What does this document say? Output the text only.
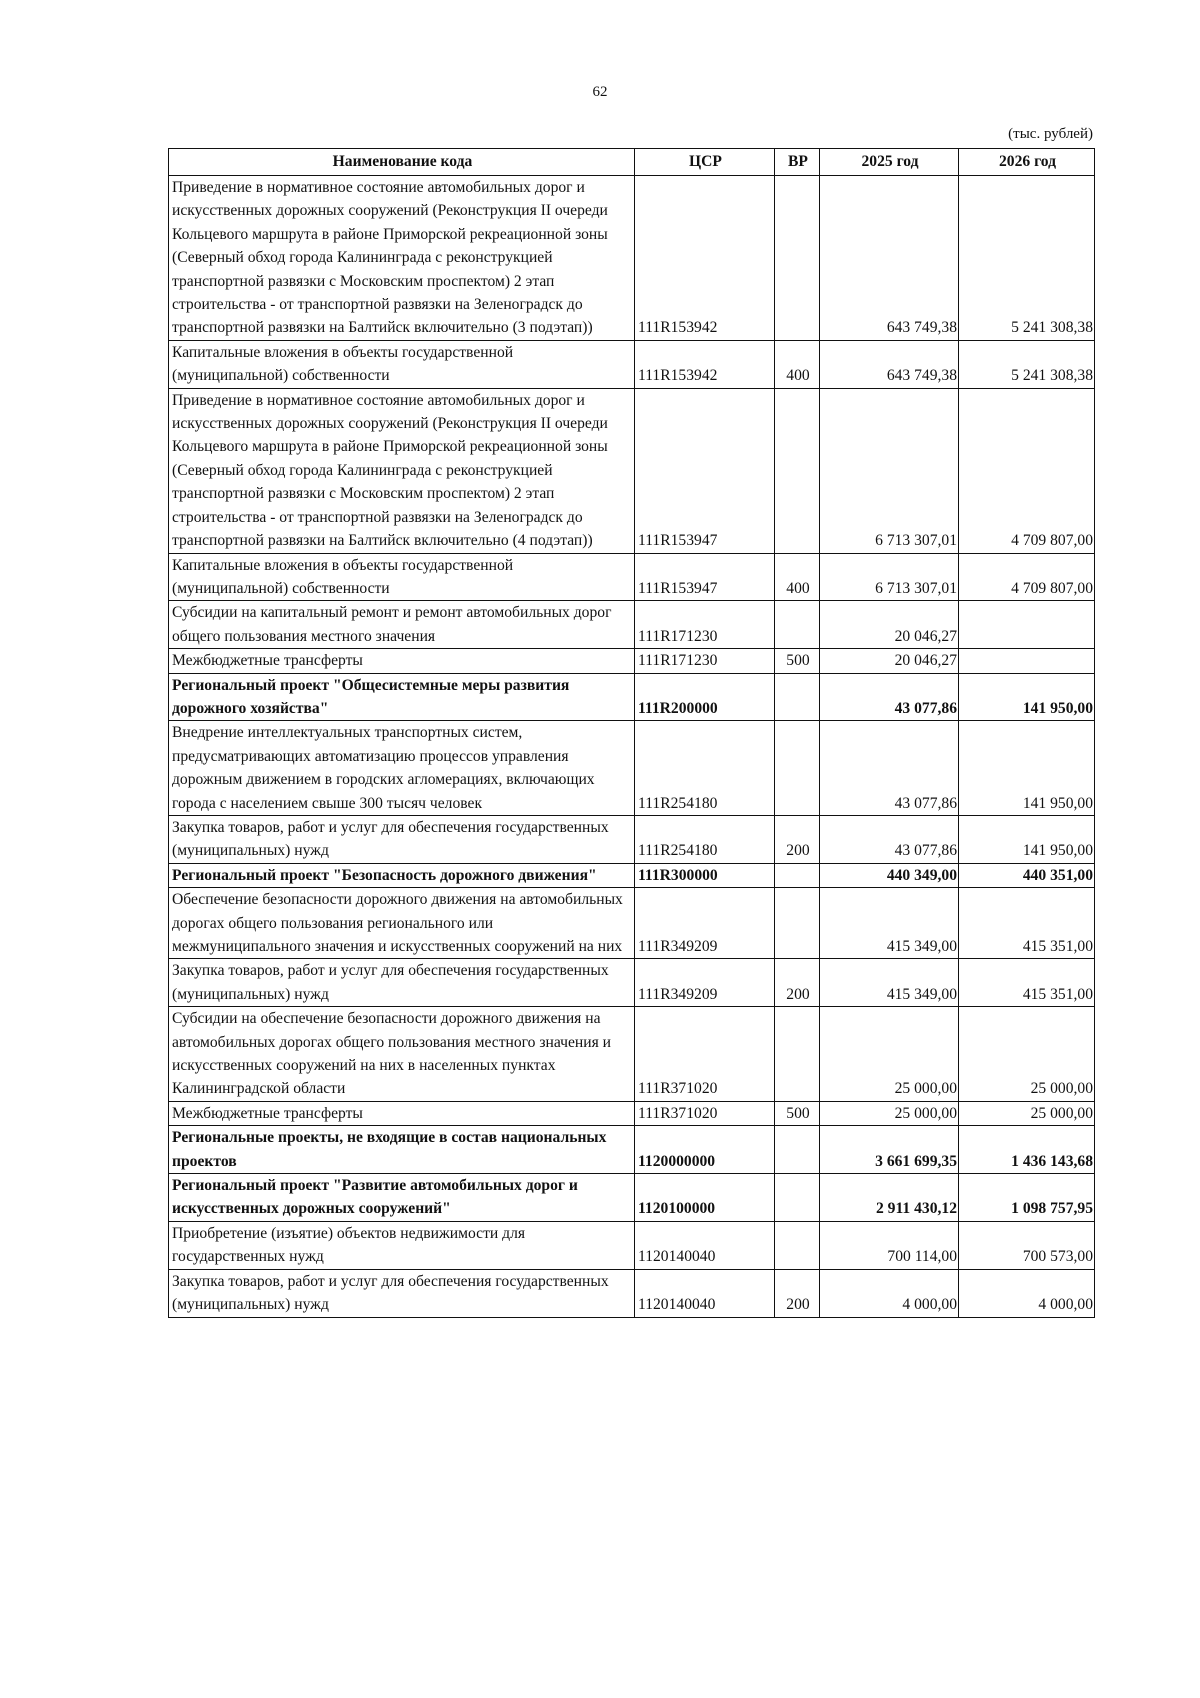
62
(тыс. рублей)
Наименование кода	ЦСР	ВР	2025 год	2026 год
Приведение в нормативное состояние автомобильных дорог и искусственных дорожных сооружений (Реконструкция II очереди Кольцевого маршрута в районе Приморской рекреационной зоны (Северный обход города Калининграда с реконструкцией транспортной развязки с Московским проспектом) 2 этап строительства - от транспортной развязки на Зеленоградск до транспортной развязки на Балтийск включительно (3 подэтап))	111R153942		643 749,38	5 241 308,38
Капитальные вложения в объекты государственной (муниципальной) собственности	111R153942	400	643 749,38	5 241 308,38
Приведение в нормативное состояние автомобильных дорог и искусственных дорожных сооружений (Реконструкция II очереди Кольцевого маршрута в районе Приморской рекреационной зоны (Северный обход города Калининграда с реконструкцией транспортной развязки с Московским проспектом) 2 этап строительства - от транспортной развязки на Зеленоградск до транспортной развязки на Балтийск включительно (4 подэтап))	111R153947		6 713 307,01	4 709 807,00
Капитальные вложения в объекты государственной (муниципальной) собственности	111R153947	400	6 713 307,01	4 709 807,00
Субсидии на капитальный ремонт и ремонт автомобильных дорог общего пользования местного значения	111R171230		20 046,27	
Межбюджетные трансферты	111R171230	500	20 046,27	
Региональный проект "Общесистемные меры развития дорожного хозяйства"	111R200000		43 077,86	141 950,00
Внедрение интеллектуальных транспортных систем, предусматривающих автоматизацию процессов управления дорожным движением в городских агломерациях, включающих города с населением свыше 300 тысяч человек	111R254180		43 077,86	141 950,00
Закупка товаров, работ и услуг для обеспечения государственных (муниципальных) нужд	111R254180	200	43 077,86	141 950,00
Региональный проект "Безопасность дорожного движения"	111R300000		440 349,00	440 351,00
Обеспечение безопасности дорожного движения на автомобильных дорогах общего пользования регионального или межмуниципального значения и искусственных сооружений на них	111R349209		415 349,00	415 351,00
Закупка товаров, работ и услуг для обеспечения государственных (муниципальных) нужд	111R349209	200	415 349,00	415 351,00
Субсидии на обеспечение безопасности дорожного движения на автомобильных дорогах общего пользования местного значения и искусственных сооружений на них в населенных пунктах Калининградской области	111R371020		25 000,00	25 000,00
Межбюджетные трансферты	111R371020	500	25 000,00	25 000,00
Региональные проекты, не входящие в состав национальных проектов	1120000000		3 661 699,35	1 436 143,68
Региональный проект "Развитие автомобильных дорог и искусственных дорожных сооружений"	1120100000		2 911 430,12	1 098 757,95
Приобретение (изъятие) объектов недвижимости для государственных нужд	1120140040		700 114,00	700 573,00
Закупка товаров, работ и услуг для обеспечения государственных (муниципальных) нужд	1120140040	200	4 000,00	4 000,00
